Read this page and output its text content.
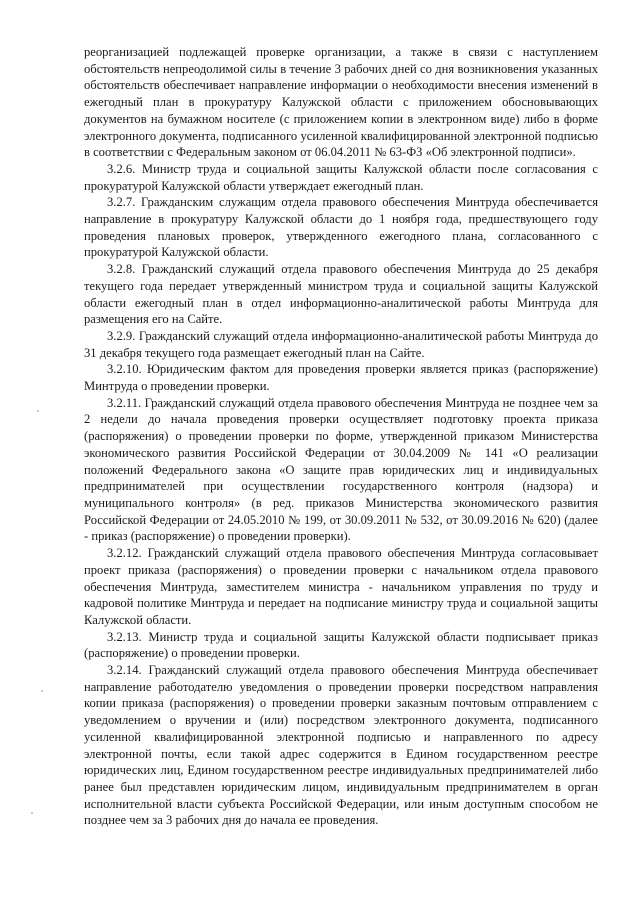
реорганизацией подлежащей проверке организации, а также в связи с наступлением обстоятельств непреодолимой силы в течение 3 рабочих дней со дня возникновения указанных обстоятельств обеспечивает направление информации о необходимости внесения изменений в ежегодный план в прокуратуру Калужской области с приложением обосновывающих документов на бумажном носителе (с приложением копии в электронном виде) либо в форме электронного документа, подписанного усиленной квалифицированной электронной подписью в соответствии с Федеральным законом от 06.04.2011 № 63-ФЗ «Об электронной подписи».

3.2.6. Министр труда и социальной защиты Калужской области после согласования с прокуратурой Калужской области утверждает ежегодный план.

3.2.7. Гражданским служащим отдела правового обеспечения Минтруда обеспечивается направление в прокуратуру Калужской области до 1 ноября года, предшествующего году проведения плановых проверок, утвержденного ежегодного плана, согласованного с прокуратурой Калужской области.

3.2.8. Гражданский служащий отдела правового обеспечения Минтруда до 25 декабря текущего года передает утвержденный министром труда и социальной защиты Калужской области ежегодный план в отдел информационно-аналитической работы Минтруда для размещения его на Сайте.

3.2.9. Гражданский служащий отдела информационно-аналитической работы Минтруда до 31 декабря текущего года размещает ежегодный план на Сайте.

3.2.10. Юридическим фактом для проведения проверки является приказ (распоряжение) Минтруда о проведении проверки.

3.2.11. Гражданский служащий отдела правового обеспечения Минтруда не позднее чем за 2 недели до начала проведения проверки осуществляет подготовку проекта приказа (распоряжения) о проведении проверки по форме, утвержденной приказом Министерства экономического развития Российской Федерации от 30.04.2009 № 141 «О реализации положений Федерального закона «О защите прав юридических лиц и индивидуальных предпринимателей при осуществлении государственного контроля (надзора) и муниципального контроля» (в ред. приказов Министерства экономического развития Российской Федерации от 24.05.2010 № 199, от 30.09.2011 № 532, от 30.09.2016 № 620) (далее - приказ (распоряжение) о проведении проверки).

3.2.12. Гражданский служащий отдела правового обеспечения Минтруда согласовывает проект приказа (распоряжения) о проведении проверки с начальником отдела правового обеспечения Минтруда, заместителем министра - начальником управления по труду и кадровой политике Минтруда и передает на подписание министру труда и социальной защиты Калужской области.

3.2.13. Министр труда и социальной защиты Калужской области подписывает приказ (распоряжение) о проведении проверки.

3.2.14. Гражданский служащий отдела правового обеспечения Минтруда обеспечивает направление работодателю уведомления о проведении проверки посредством направления копии приказа (распоряжения) о проведении проверки заказным почтовым отправлением с уведомлением о вручении и (или) посредством электронного документа, подписанного усиленной квалифицированной электронной подписью и направленного по адресу электронной почты, если такой адрес содержится в Едином государственном реестре юридических лиц, Едином государственном реестре индивидуальных предпринимателей либо ранее был представлен юридическим лицом, индивидуальным предпринимателем в орган исполнительной власти субъекта Российской Федерации, или иным доступным способом не позднее чем за 3 рабочих дня до начала ее проведения.
